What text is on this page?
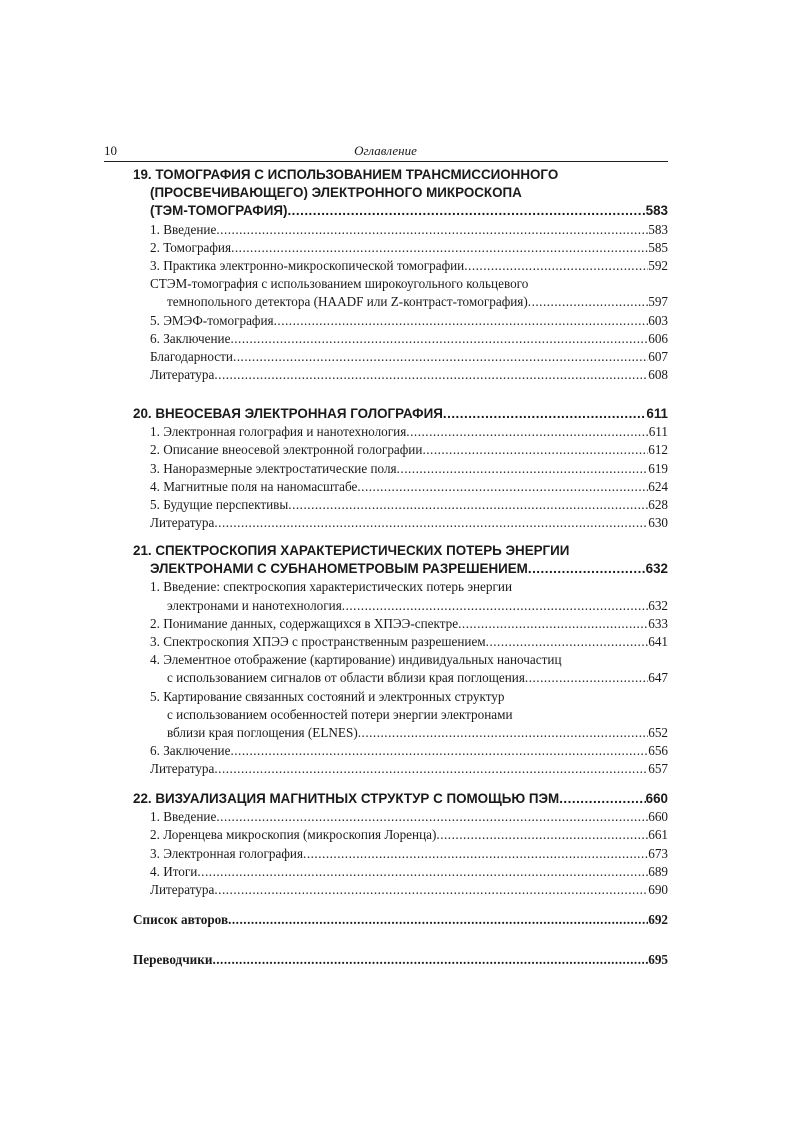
10	Оглавление
19. ТОМОГРАФИЯ С ИСПОЛЬЗОВАНИЕМ ТРАНСМИССИОННОГО
(ПРОСВЕЧИВАЮЩЕГО) ЭЛЕКТРОННОГО МИКРОСКОПА
(ТЭМ-ТОМОГРАФИЯ) .....	583
1. Введение .....	583
2. Томография .....	585
3. Практика электронно-микроскопической томографии .....	592
СТЭМ-томография с использованием широкоугольного кольцевого
темнопольного детектора (HAADF или Z-контраст-томография) .....	597
5. ЭМЭФ-томография .....	603
6. Заключение .....	606
Благодарности .....	607
Литература .....	608
20. ВНЕОСЕВАЯ ЭЛЕКТРОННАЯ ГОЛОГРАФИЯ .....	611
1. Электронная голография и нанотехнология .....	611
2. Описание внеосевой электронной голографии .....	612
3. Наноразмерные электростатические поля .....	619
4. Магнитные поля на наномасштабе .....	624
5. Будущие перспективы .....	628
Литература .....	630
21. СПЕКТРОСКОПИЯ ХАРАКТЕРИСТИЧЕСКИХ ПОТЕРЬ ЭНЕРГИИ
ЭЛЕКТРОНАМИ С СУБНАНОМЕТРОВЫМ РАЗРЕШЕНИЕМ .....	632
1. Введение: спектроскопия характеристических потерь энергии
электронами и нанотехнология .....	632
2. Понимание данных, содержащихся в ХПЭЭ-спектре .....	633
3. Спектроскопия ХПЭЭ с пространственным разрешением .....	641
4. Элементное отображение (картирование) индивидуальных наночастиц
с использованием сигналов от области вблизи края поглощения .....	647
5. Картирование связанных состояний и электронных структур
с использованием особенностей потери энергии электронами
вблизи края поглощения (ELNES) .....	652
6. Заключение .....	656
Литература .....	657
22. ВИЗУАЛИЗАЦИЯ МАГНИТНЫХ СТРУКТУР С ПОМОЩЬЮ ПЭМ .....	660
1. Введение .....	660
2. Лоренцева микроскопия (микроскопия Лоренца) .....	661
3. Электронная голография .....	673
4. Итоги .....	689
Литература .....	690
Список авторов .....	692
Переводчики .....	695
